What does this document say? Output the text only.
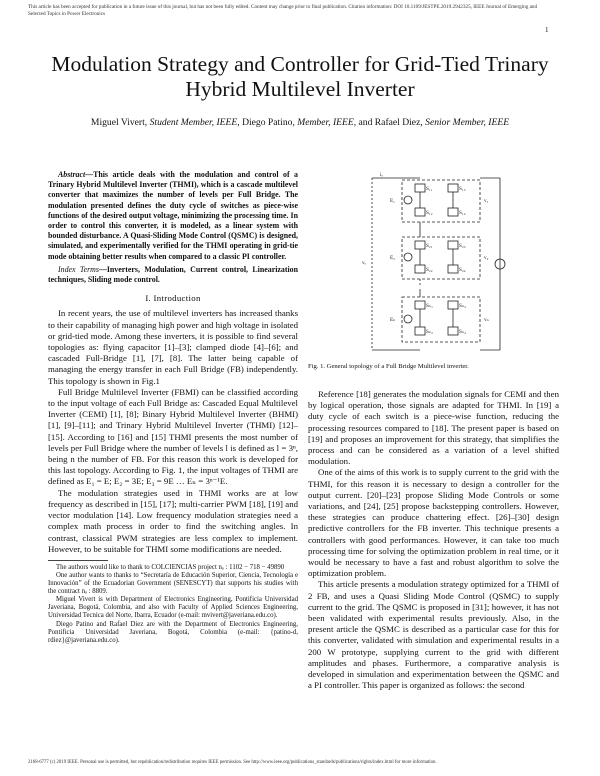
This article has been accepted for publication in a future issue of this journal, but has not been fully edited. Content may change prior to final publication. Citation information: DOI 10.1109/JESTPE.2019.2942325, IEEE Journal of Emerging and Selected Topics in Power Electronics
1
Modulation Strategy and Controller for Grid-Tied Trinary Hybrid Multilevel Inverter
Miguel Vivert, Student Member, IEEE, Diego Patino, Member, IEEE, and Rafael Diez, Senior Member, IEEE

Abstract—This article deals with the modulation and control of a Trinary Hybrid Multilevel Inverter (THMI), which is a cascade multilevel converter that maximizes the number of levels per Full Bridge. The modulation presented defines the duty cycle of switches as piece-wise functions of the desired output voltage, minimizing the processing time. In order to control this converter, it is modeled, as a linear system with bounded disturbance. A Quasi-Sliding Mode Control (QSMC) is designed, simulated, and experimentally verified for the THMI operating in grid-tie mode obtaining better results when compared to a classic PI controller.

Index Terms—Inverters, Modulation, Current control, Linearization techniques, Sliding mode control.

I. Introduction

In recent years, the use of multilevel inverters has increased thanks to their capability of managing high power and high voltage in isolated or grid-tied mode. Among these inverters, it is possible to find several topologies as: flying capacitor [1]–[3]; clamped diode [4]–[6]; and cascaded Full-Bridge [1], [7], [8]. The latter being capable of managing the energy transfer in each Full Bridge (FB) independently. This topology is shown in Fig.1

Full Bridge Multilevel Inverter (FBMI) can be classified according to the input voltage of each Full Bridge as: Cascaded Equal Multilevel Inverter (CEMI) [1], [8]; Binary Hybrid Multilevel Inverter (BHMI) [1], [9]–[11]; and Trinary Hybrid Multilevel Inverter (THMI) [12]–[15]. According to [16] and [15] THMI presents the most number of levels per Full Bridge where the number of levels l is defined as l = 3ⁿ, being n the number of FB. For this reason this work is developed for this last topology. According to Fig. 1, the input voltages of THMI are defined as E₁ = E; E₂ = 3E; E₃ = 9E … Eₙ = 3ⁿ⁻¹E.

The modulation strategies used in THMI works are at low frequency as described in [15], [17]; multi-carrier PWM [18], [19] and vector modulation [14]. Low frequency modulation strategies need a complex math process in order to find the switching angles. In contrast, classical PWM strategies are less complex to implement. However, to be suitable for THMI some modifications are needed.

The authors would like to thank to COLCIENCIAS project nₒ : 1102 − 718 − 49890

One author wants to thanks to “Secretaría de Educación Superior, Ciencia, Tecnología e Innovación” of the Ecuadorian Government (SENESCYT) that supports his studies with the contract nₒ : 8809.

Miguel Vivert is with Department of Electronics Engineering, Pontificia Universidad Javeriana, Bogotá, Colombia, and also with Faculty of Applied Sciences Engineering, Universidad Tecnica del Norte, Ibarra, Ecuador (e-mail: mvivert@javeriana.edu.co).

Diego Patino and Rafael Diez are with the Department of Electronics Engineering, Pontificia Universidad Javeriana, Bogotá, Colombia (e-mail: {patino-d, rdiez}@javeriana.edu.co).

S₁₁
S₁₂
S₁₃
S₁₄
S₂₁
S₂₂
S₂₃
S₂₄
Sₙ₁
Sₙ₂
Sₙ₃
Sₙ₄
E₁
E₂
Eₙ
v₁
v₂
vₙ
vₒ
iₒ
Fig. 1. General topology of a Full Bridge Multilevel inverter.

Reference [18] generates the modulation signals for CEMI and then by logical operation, those signals are adapted for THMI. In [19] a duty cycle of each switch is a piece-wise function, reducing the processing resources compared to [18]. The present paper is based on [19] and proposes an improvement for this strategy, that simplifies the process and can be considered as a variation of a level shifted modulation.

One of the aims of this work is to supply current to the grid with the THMI, for this reason it is necessary to design a controller for the output current. [20]–[23] propose Sliding Mode Controls or some variations, and [24], [25] propose backstepping controllers. However, these strategies can produce chattering effect. [26]–[30] design predictive controllers for the FB inverter. This technique presents a controllers with good performances. However, it can take too much processing time for solving the optimization problem in real time, or it would be necessary to have a fast and robust algorithm to solve the optimization problem.

This article presents a modulation strategy optimized for a THMI of 2 FB, and uses a Quasi Sliding Mode Control (QSMC) to supply current to the grid. The QSMC is proposed in [31]; however, it has not been validated with experimental results previously. Also, in the present article the QSMC is described as a particular case for this for this converter, validated with simulation and experimental results in a 200 W prototype, supplying current to the grid with different amplitudes and phases. Furthermore, a comparative analysis is developed in simulation and experimentation between the QSMC and a PI controller. This paper is organized as follows: the second

2168-6777 (c) 2019 IEEE. Personal use is permitted, but republication/redistribution requires IEEE permission. See http://www.ieee.org/publications_standards/publications/rights/index.html for more information.
